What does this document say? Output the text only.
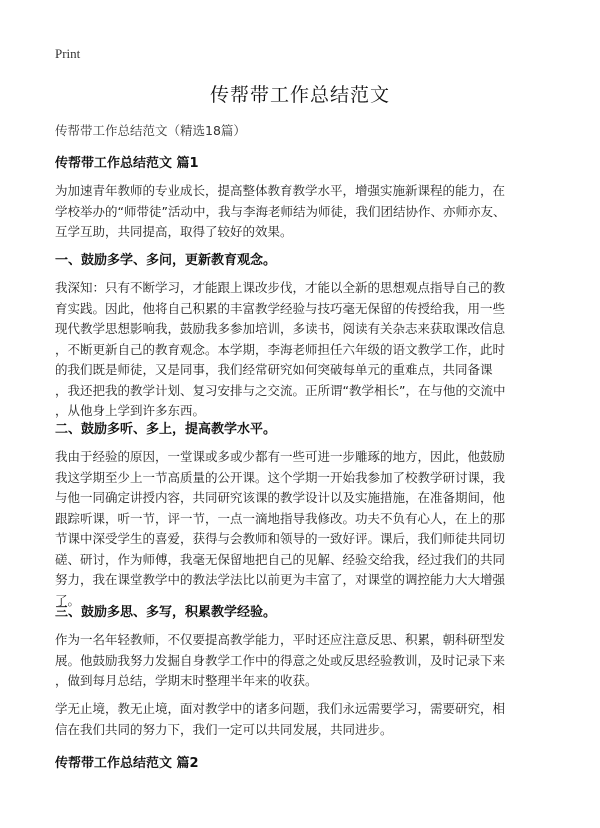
Print
传帮带工作总结范文
传帮带工作总结范文（精选18篇）
传帮带工作总结范文 篇1
为加速青年教师的专业成长，提高整体教育教学水平，增强实施新课程的能力，在
学校举办的“师带徒”活动中，我与李海老师结为师徒，我们团结协作、亦师亦友、
互学互助，共同提高，取得了较好的效果。
一、鼓励多学、多问，更新教育观念。
我深知：只有不断学习，才能跟上课改步伐，才能以全新的思想观点指导自己的教
育实践。因此，他将自己积累的丰富教学经验与技巧毫无保留的传授给我，用一些
现代教学思想影响我，鼓励我多参加培训，多读书，阅读有关杂志来获取课改信息
，不断更新自己的教育观念。本学期，李海老师担任六年级的语文教学工作，此时
的我们既是师徒，又是同事，我们经常研究如何突破每单元的重难点，共同备课
，我还把我的教学计划、复习安排与之交流。正所谓“教学相长”，在与他的交流中
，从他身上学到许多东西。
二、鼓励多听、多上，提高教学水平。
我由于经验的原因，一堂课或多或少都有一些可进一步雕琢的地方，因此，他鼓励
我这学期至少上一节高质量的公开课。这个学期一开始我参加了校教学研讨课，我
与他一同确定讲授内容，共同研究该课的教学设计以及实施措施，在准备期间，他
跟踪听课，听一节，评一节，一点一滴地指导我修改。功夫不负有心人，在上的那
节课中深受学生的喜爱，获得与会教师和领导的一致好评。课后，我们师徒共同切
磋、研讨，作为师傅，我毫无保留地把自己的见解、经验交给我，经过我们的共同
努力，我在课堂教学中的教法学法比以前更为丰富了，对课堂的调控能力大大增强
了。
三、鼓励多思、多写，积累教学经验。
作为一名年轻教师，不仅要提高教学能力，平时还应注意反思、积累，朝科研型发
展。他鼓励我努力发掘自身教学工作中的得意之处或反思经验教训，及时记录下来
，做到每月总结，学期末时整理半年来的收获。
学无止境，教无止境，面对教学中的诸多问题，我们永远需要学习，需要研究，相
信在我们共同的努力下，我们一定可以共同发展，共同进步。
传帮带工作总结范文 篇2
